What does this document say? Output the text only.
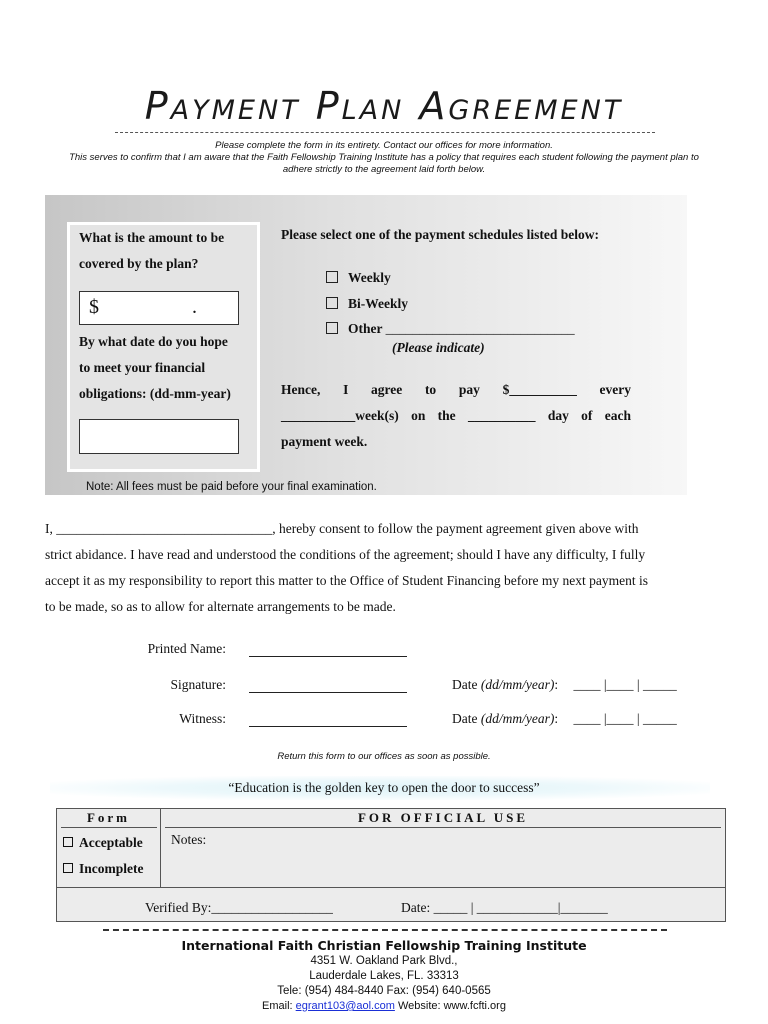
Payment Plan Agreement
Please complete the form in its entirety. Contact our offices for more information.
This serves to confirm that I am aware that the Faith Fellowship Training Institute has a policy that requires each student following the payment plan to
adhere strictly to the agreement laid forth below.
What is the amount to be
covered by the plan?
$	.
By what date do you hope
to meet your financial
obligations: (dd-mm-year)
Please select one of the payment schedules listed below:
Weekly
Bi-Weekly
Other ____________________________
(Please indicate)
Hence, I agree to pay $__________ every
___________week(s) on the __________ day of each
payment week.
Note: All fees must be paid before your final examination.
I, ________________________________, hereby consent to follow the payment agreement given above with
strict abidance. I have read and understood the conditions of the agreement; should I have any difficulty, I fully
accept it as my responsibility to report this matter to the Office of Student Financing before my next payment is
to be made, so as to allow for alternate arrangements to be made.
Printed Name:
Signature:	Date (dd/mm/year): ____ |____ | _____
Witness:	Date (dd/mm/year): ____ |____ | _____
Return this form to our offices as soon as possible.
“Education is the golden key to open the door to success”
Form	FOR OFFICIAL USE
Acceptable
Incomplete
Notes:
Verified By:__________________	Date: _____ | ____________|_______
International Faith Christian Fellowship Training Institute
4351 W. Oakland Park Blvd.,
Lauderdale Lakes, FL. 33313
Tele: (954) 484-8440 Fax: (954) 640-0565
Email: egrant103@aol.com Website: www.fcfti.org
